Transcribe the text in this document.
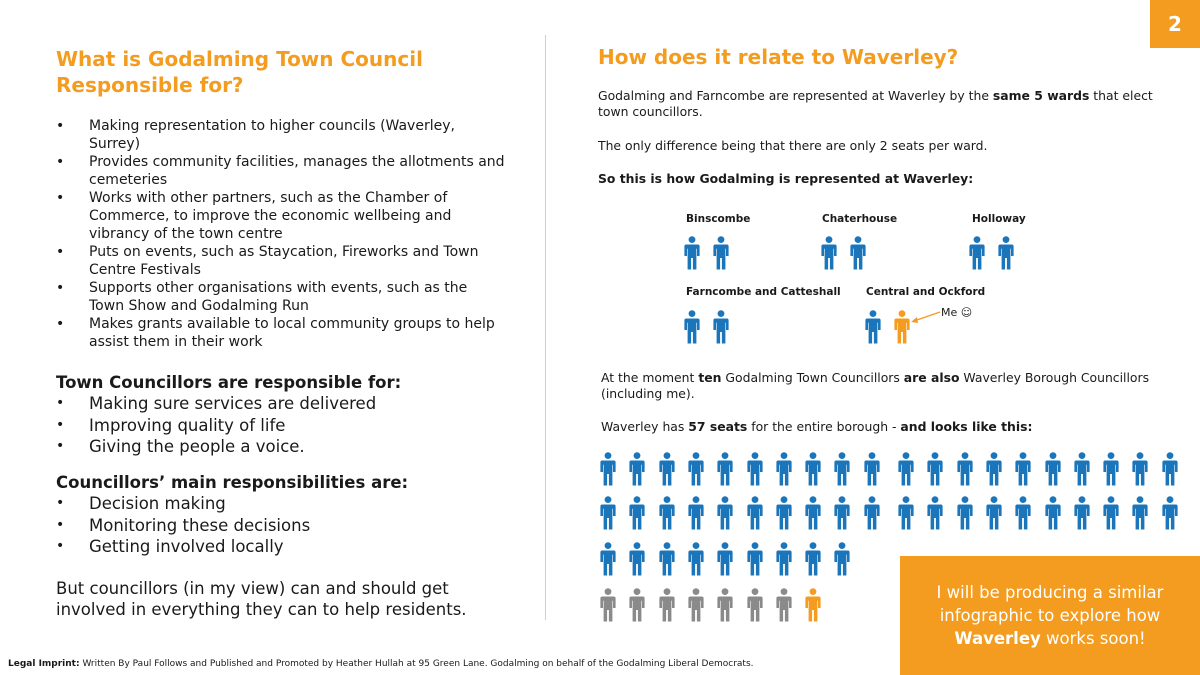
2
What is Godalming Town Council Responsible for?
• Making representation to higher councils (Waverley, Surrey)
• Provides community facilities, manages the allotments and cemeteries
• Works with other partners, such as the Chamber of Commerce, to improve the economic wellbeing and vibrancy of the town centre
• Puts on events, such as Staycation, Fireworks and Town Centre Festivals
• Supports other organisations with events, such as the Town Show and Godalming Run
• Makes grants available to local community groups to help assist them in their work

Town Councillors are responsible for:

• Making sure services are delivered
• Improving quality of life
• Giving the people a voice.

Councillors’ main responsibilities are:

• Decision making
• Monitoring these decisions
• Getting involved locally

But councillors (in my view) can and should get involved in everything they can to help residents.

How does it relate to Waverley?

Godalming and Farncombe are represented at Waverley by the same 5 wards that elect town councillors.

The only difference being that there are only 2 seats per ward.

So this is how Godalming is represented at Waverley:

Binscombe	Chaterhouse	Holloway

Farncombe and Catteshall Central and Ockford

Me ☺

At the moment ten Godalming Town Councillors are also Waverley Borough Councillors (including me).

Waverley has 57 seats for the entire borough - and looks like this:

I will be producing a similar infographic to explore how Waverley works soon!

Legal Imprint: Written By Paul Follows and Published and Promoted by Heather Hullah at 95 Green Lane. Godalming on behalf of the Godalming Liberal Democrats.
